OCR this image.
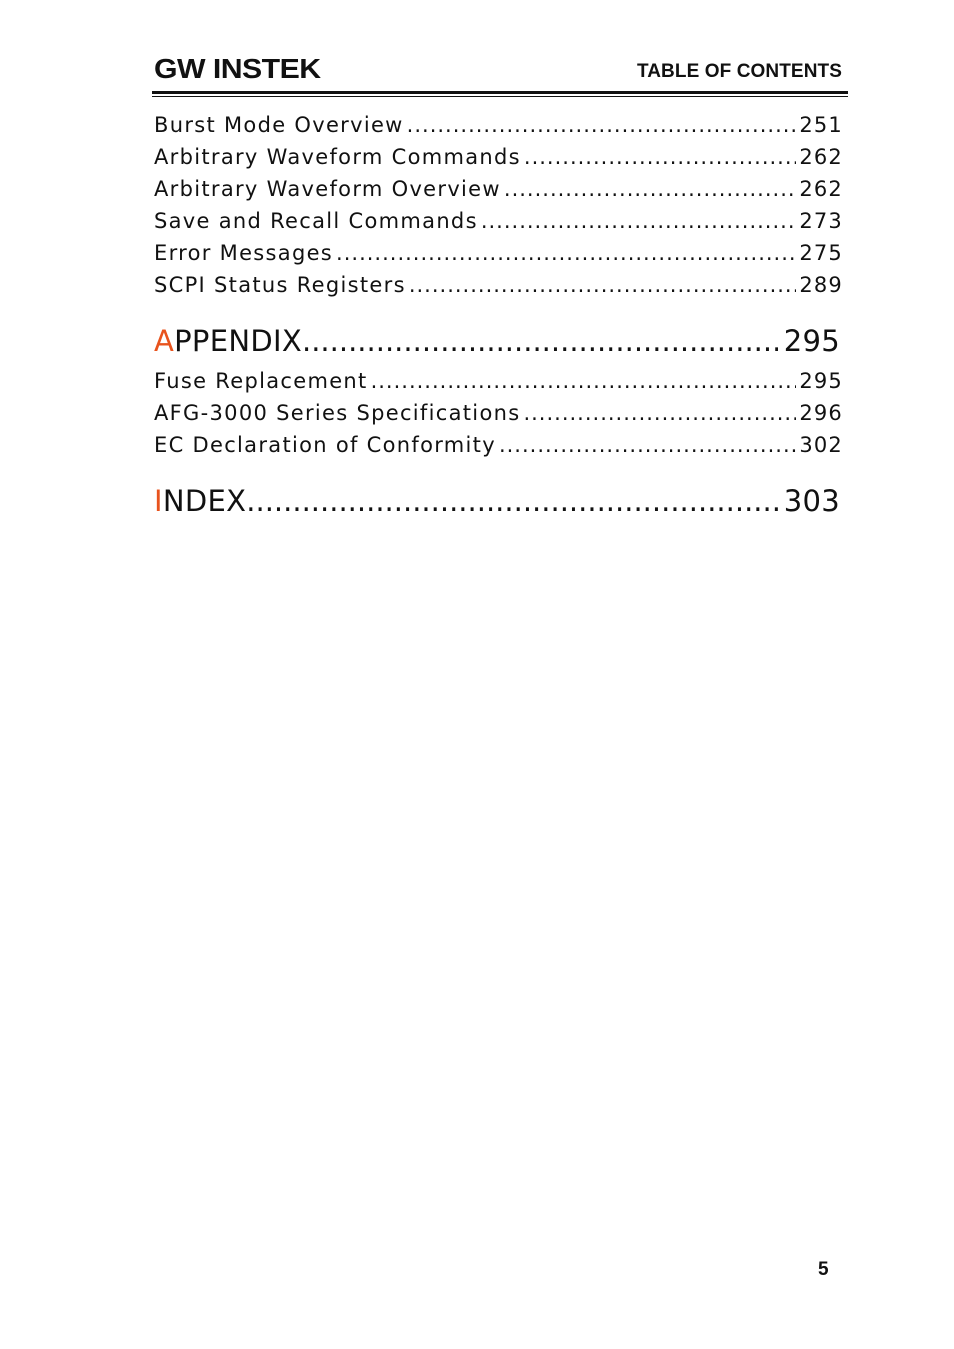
GW INSTEK	TABLE OF CONTENTS
Burst Mode Overview .....	251
Arbitrary Waveform Commands .....	262
Arbitrary Waveform Overview .....	262
Save and Recall Commands .....	273
Error Messages .....	275
SCPI Status Registers .....	289
APPENDIX .....	295
Fuse Replacement .....	295
AFG-3000 Series Specifications .....	296
EC Declaration of Conformity .....	302
INDEX .....	303
5
